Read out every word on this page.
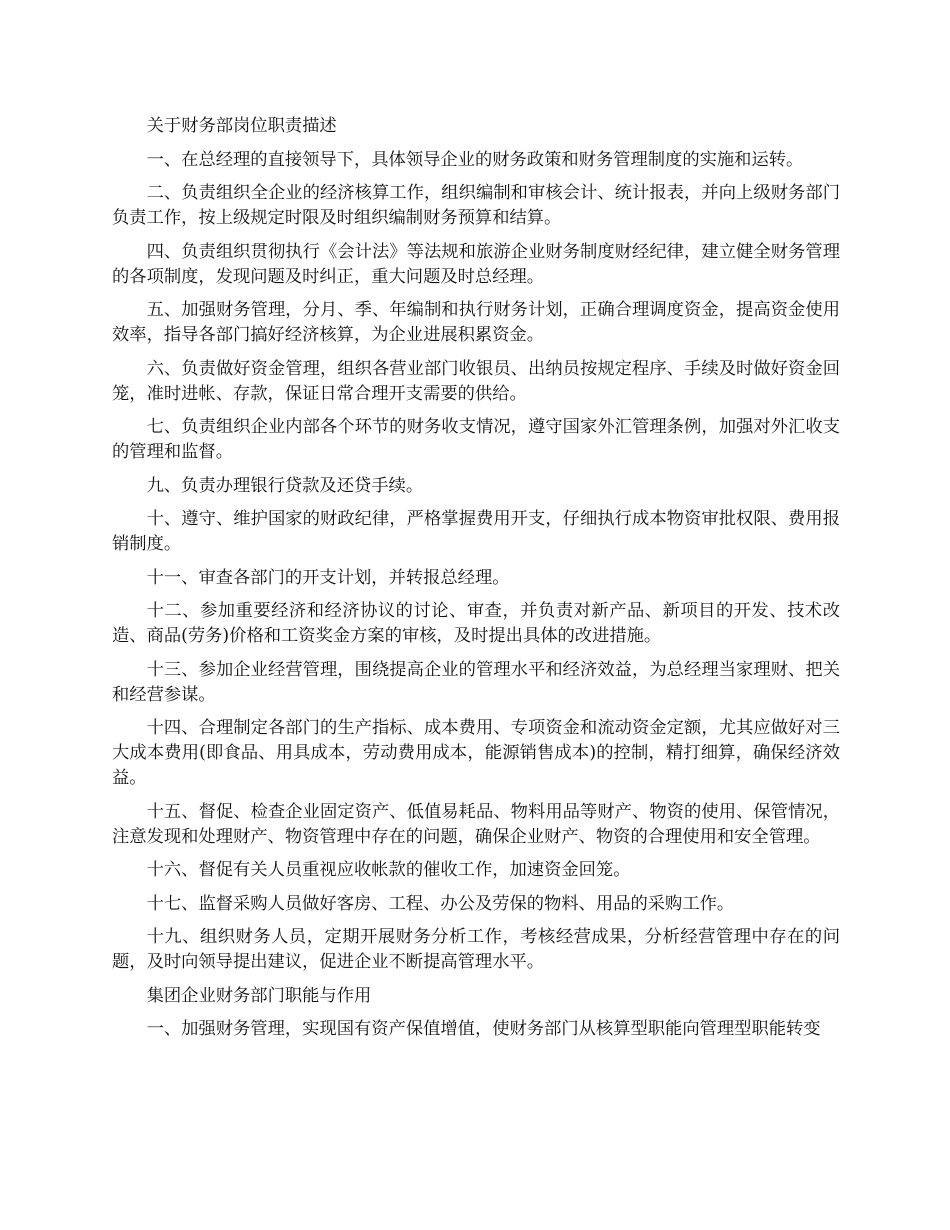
关于财务部岗位职责描述

一、在总经理的直接领导下，具体领导企业的财务政策和财务管理制度的实施和运转。

二、负责组织全企业的经济核算工作，组织编制和审核会计、统计报表，并向上级财务部门负责工作，按上级规定时限及时组织编制财务预算和结算。

四、负责组织贯彻执行《会计法》等法规和旅游企业财务制度财经纪律，建立健全财务管理的各项制度，发现问题及时纠正，重大问题及时总经理。

五、加强财务管理，分月、季、年编制和执行财务计划，正确合理调度资金，提高资金使用效率，指导各部门搞好经济核算，为企业进展积累资金。

六、负责做好资金管理，组织各营业部门收银员、出纳员按规定程序、手续及时做好资金回笼，准时进帐、存款，保证日常合理开支需要的供给。

七、负责组织企业内部各个环节的财务收支情况，遵守国家外汇管理条例，加强对外汇收支的管理和监督。

九、负责办理银行贷款及还贷手续。

十、遵守、维护国家的财政纪律，严格掌握费用开支，仔细执行成本物资审批权限、费用报销制度。

十一、审查各部门的开支计划，并转报总经理。

十二、参加重要经济和经济协议的讨论、审查，并负责对新产品、新项目的开发、技术改造、商品(劳务)价格和工资奖金方案的审核，及时提出具体的改进措施。

十三、参加企业经营管理，围绕提高企业的管理水平和经济效益，为总经理当家理财、把关和经营参谋。

十四、合理制定各部门的生产指标、成本费用、专项资金和流动资金定额，尤其应做好对三大成本费用(即食品、用具成本，劳动费用成本，能源销售成本)的控制，精打细算，确保经济效益。

十五、督促、检查企业固定资产、低值易耗品、物料用品等财产、物资的使用、保管情况，注意发现和处理财产、物资管理中存在的问题，确保企业财产、物资的合理使用和安全管理。

十六、督促有关人员重视应收帐款的催收工作，加速资金回笼。

十七、监督采购人员做好客房、工程、办公及劳保的物料、用品的采购工作。

十九、组织财务人员，定期开展财务分析工作，考核经营成果，分析经营管理中存在的问题，及时向领导提出建议，促进企业不断提高管理水平。

集团企业财务部门职能与作用

一、加强财务管理，实现国有资产保值增值，使财务部门从核算型职能向管理型职能转变
